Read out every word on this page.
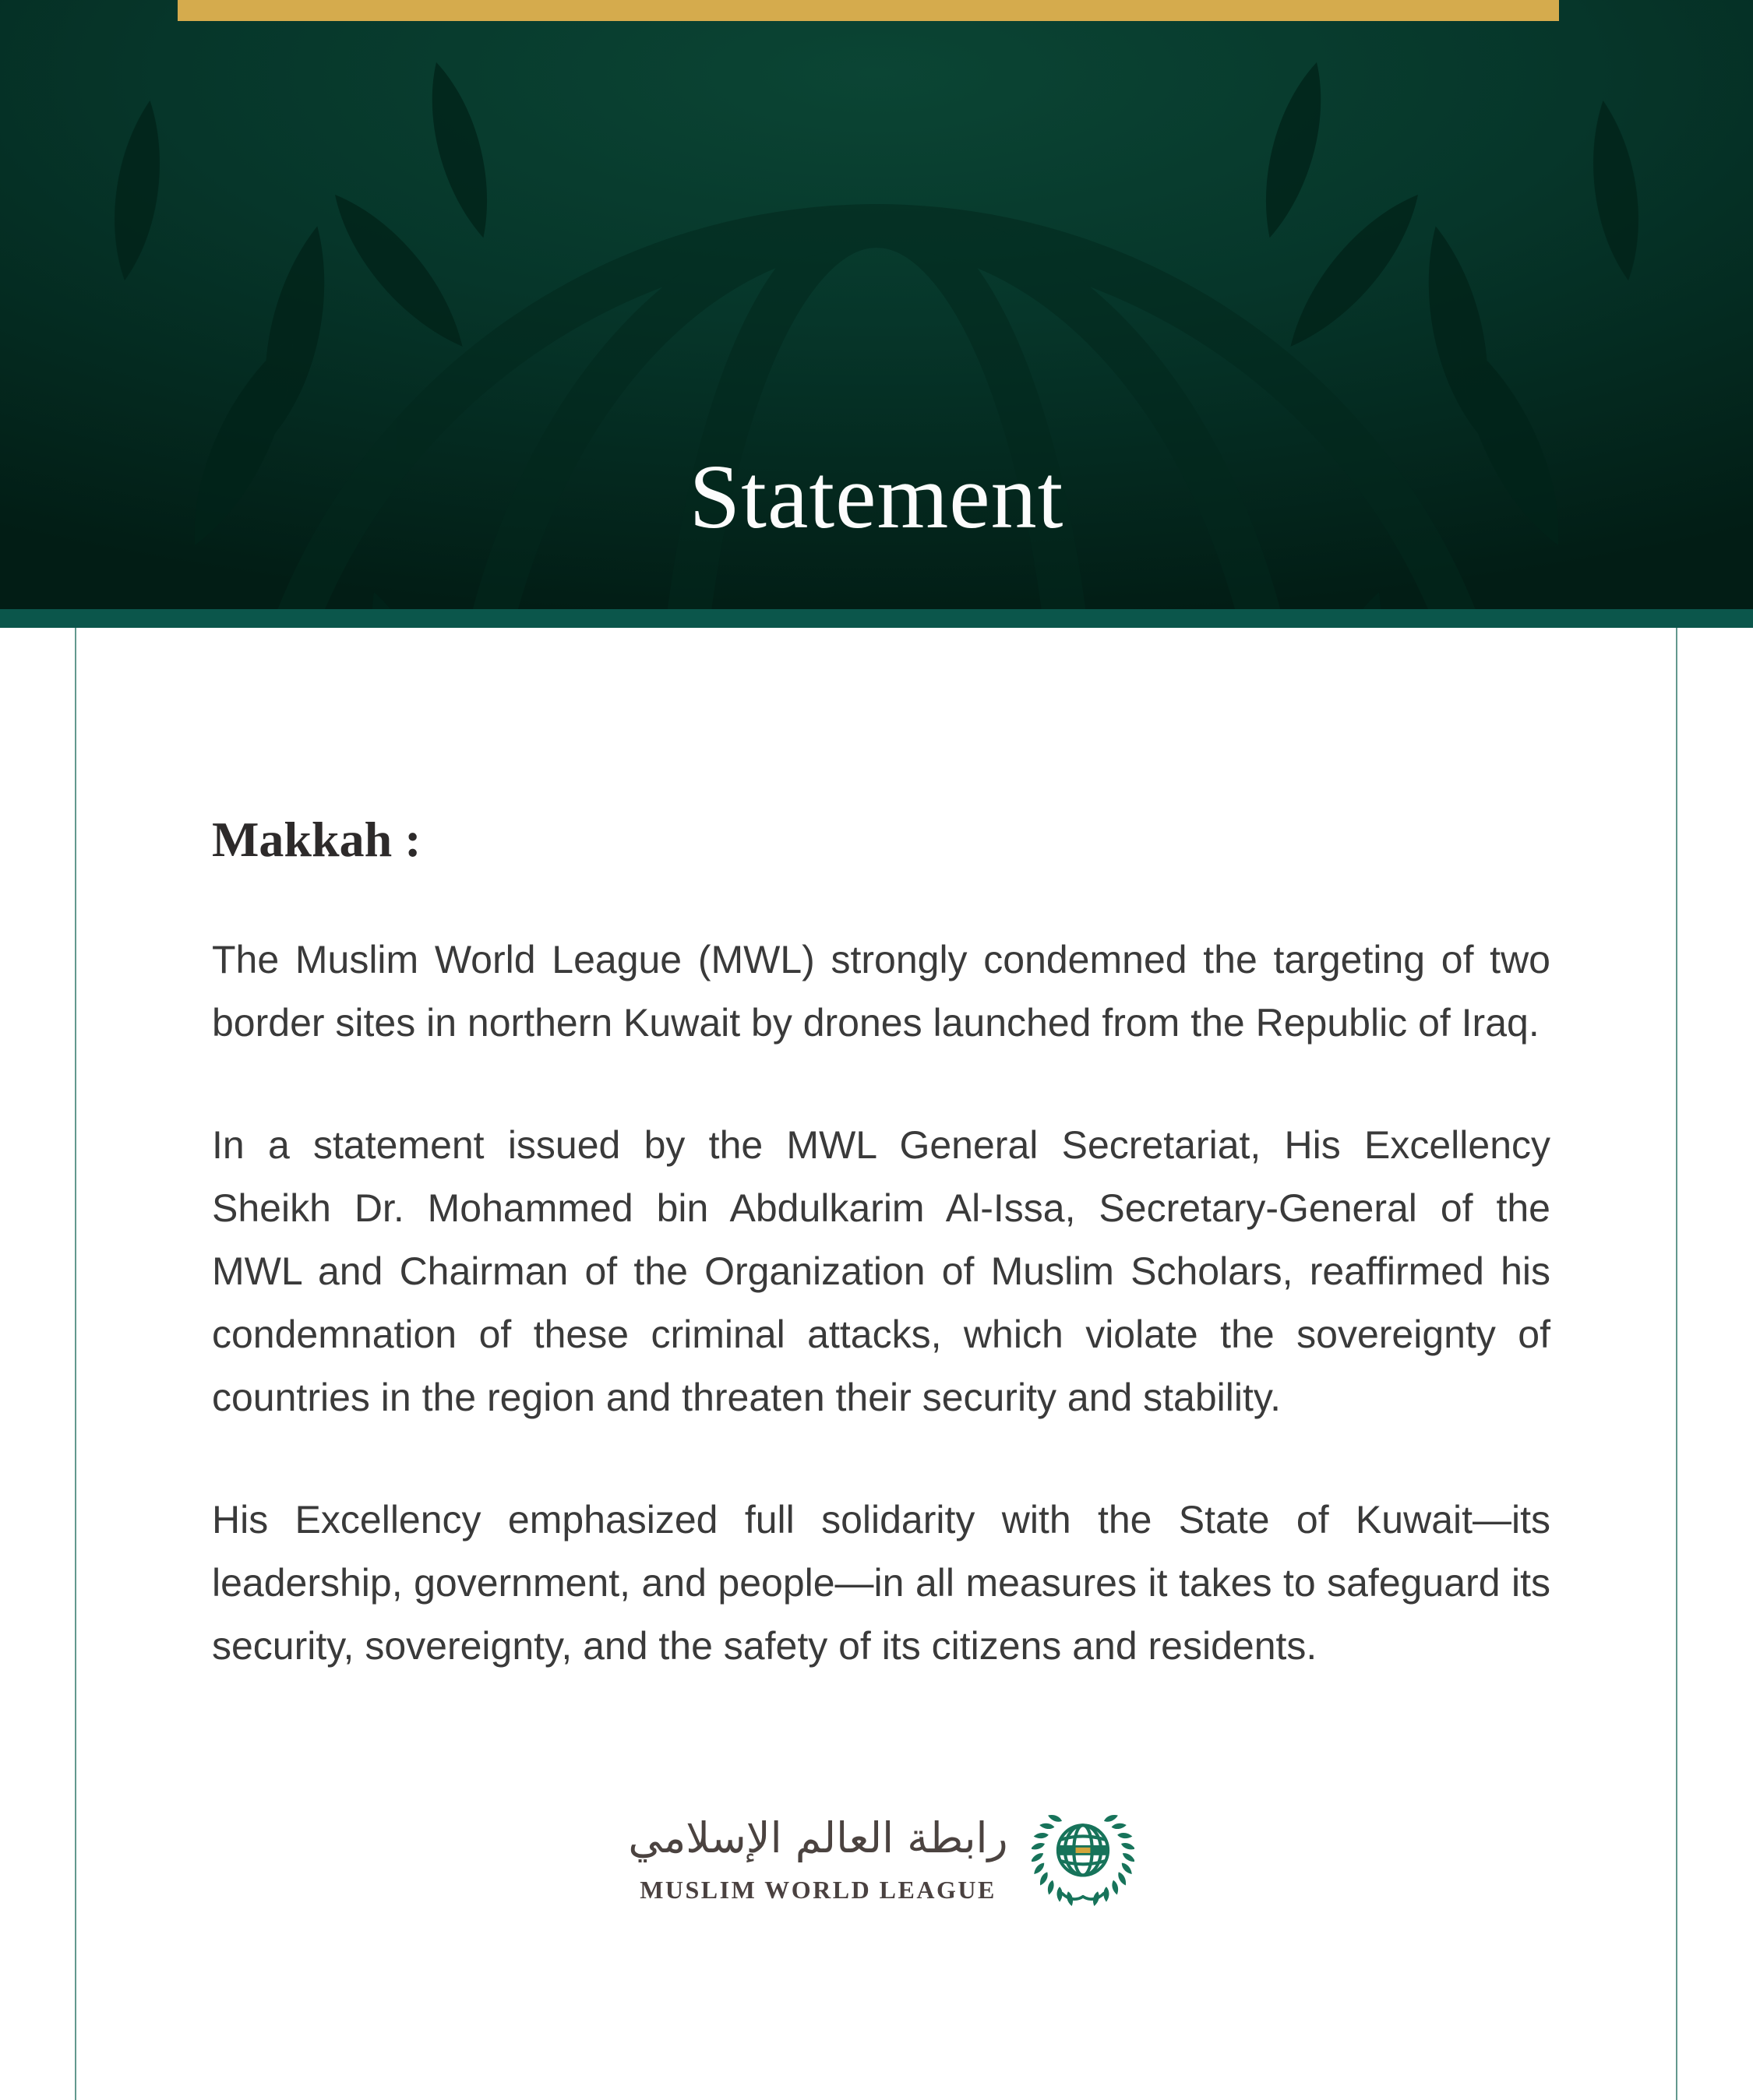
Statement
Makkah :

The Muslim World League (MWL) strongly condemned the targeting of two border sites in northern Kuwait by drones launched from the Republic of Iraq.

In a statement issued by the MWL General Secretariat, His Excellency Sheikh Dr. Mohammed bin Abdulkarim Al-Issa, Secretary-General of the MWL and Chairman of the Organization of Muslim Scholars, reaffirmed his condemnation of these criminal attacks, which violate the sovereignty of countries in the region and threaten their security and stability.

His Excellency emphasized full solidarity with the State of Kuwait—its leadership, government, and people—in all measures it takes to safeguard its security, sovereignty, and the safety of its citizens and residents.

رابطة العالم الإسلامي
MUSLIM WORLD LEAGUE
